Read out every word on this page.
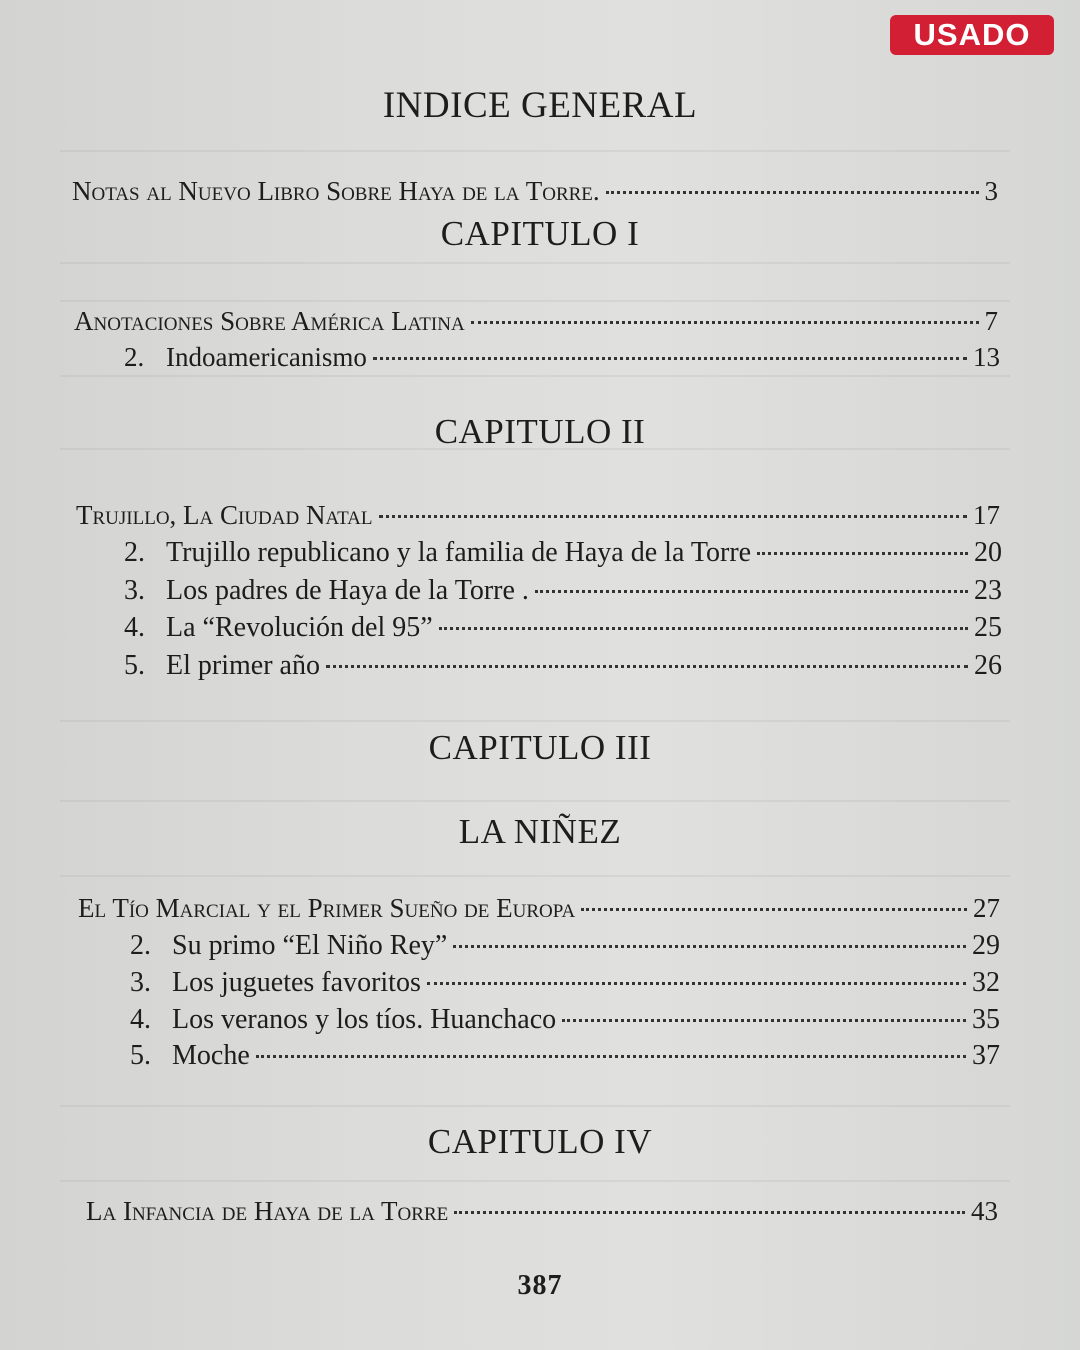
USADO
INDICE GENERAL
Notas al Nuevo Libro Sobre Haya de la Torre.	3
CAPITULO I
Anotaciones Sobre América Latina	7
2. Indoamericanismo	13
CAPITULO II
Trujillo, La Ciudad Natal	17
2. Trujillo republicano y la familia de Haya de la Torre	20
3. Los padres de Haya de la Torre .	23
4. La “Revolución del 95”	25
5. El primer año	26
CAPITULO III
LA NIÑEZ
El Tío Marcial y el Primer Sueño de Europa	27
2. Su primo “El Niño Rey”	29
3. Los juguetes favoritos	32
4. Los veranos y los tíos. Huanchaco	35
5. Moche	37
CAPITULO IV
La Infancia de Haya de la Torre	43
387
